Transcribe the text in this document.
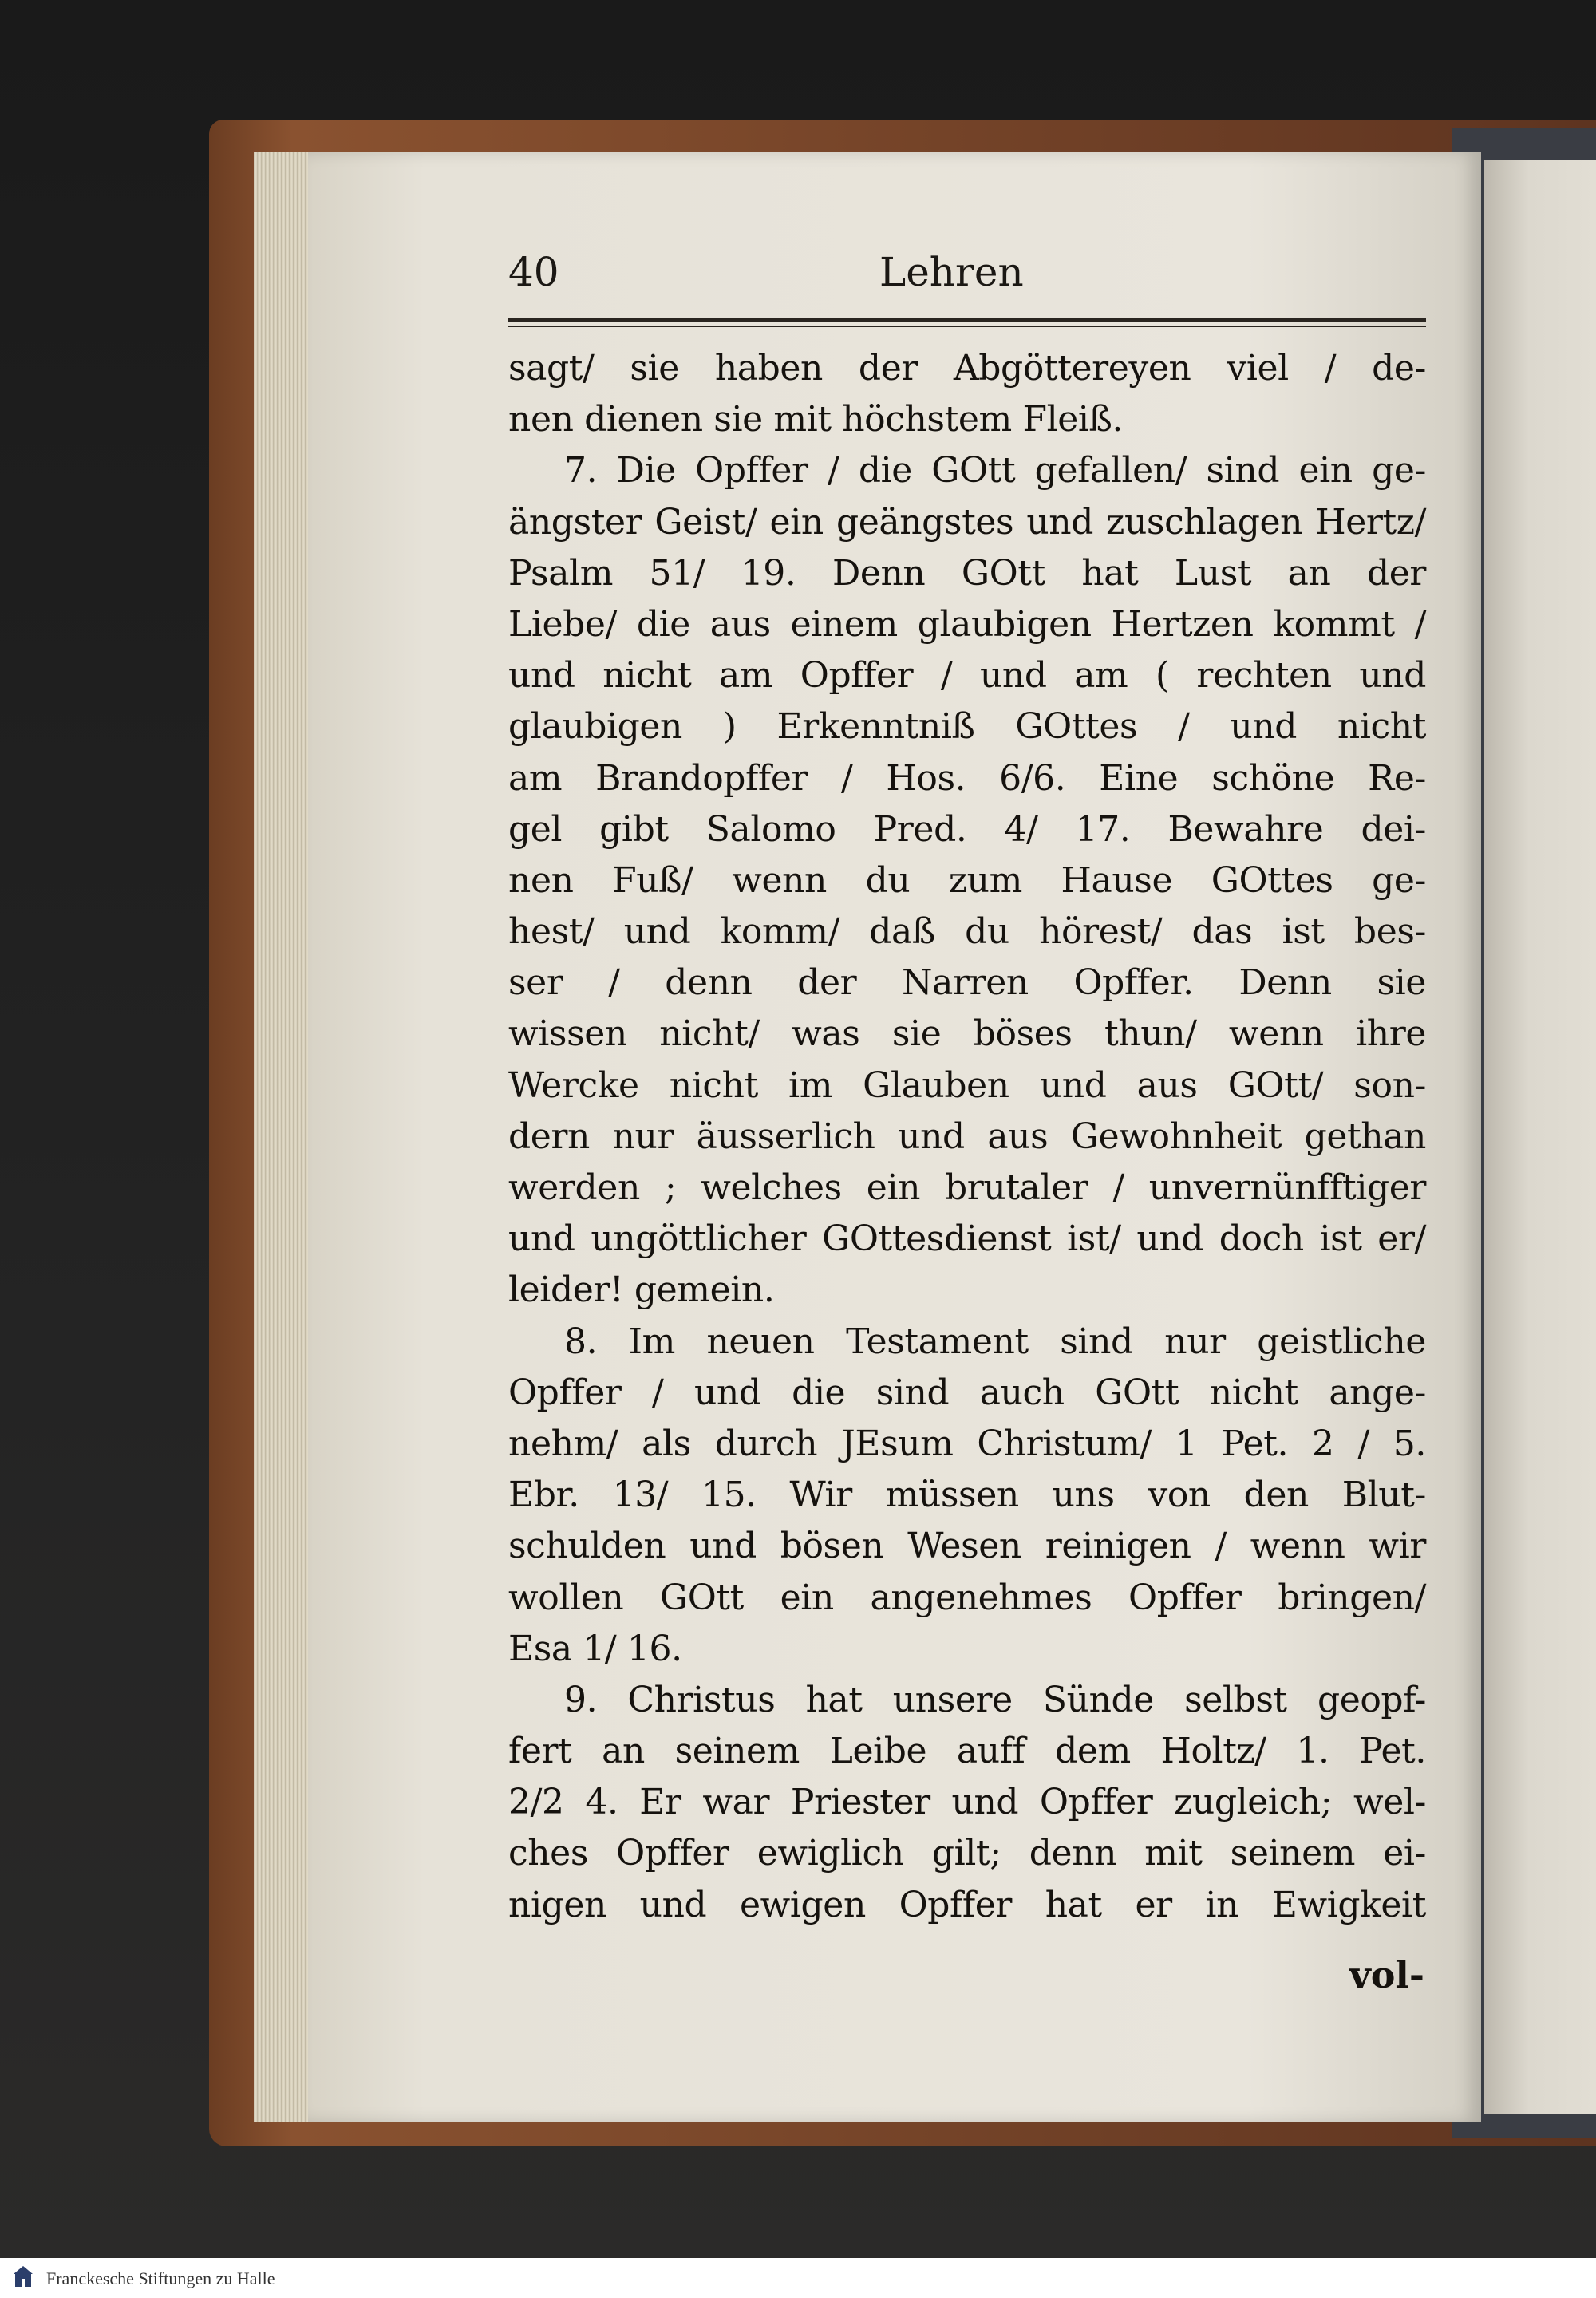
40	Lehren
sagt/ sie haben der Abgöttereyen viel / de-
nen dienen sie mit höchstem Fleiß.
7. Die Opffer / die GOtt gefallen/ sind ein ge-
ängster Geist/ ein geängstes und zuschlagen Hertz/
Psalm 51/ 19. Denn GOtt hat Lust an der
Liebe/ die aus einem glaubigen Hertzen kommt /
und nicht am Opffer / und am ( rechten und
glaubigen ) Erkenntniß GOttes / und nicht
am Brandopffer / Hos. 6/6. Eine schöne Re-
gel gibt Salomo Pred. 4/ 17. Bewahre dei-
nen Fuß/ wenn du zum Hause GOttes ge-
hest/ und komm/ daß du hörest/ das ist bes-
ser / denn der Narren Opffer. Denn sie
wissen nicht/ was sie böses thun/ wenn ihre
Wercke nicht im Glauben und aus GOtt/ son-
dern nur äusserlich und aus Gewohnheit gethan
werden ; welches ein brutaler / unvernünfftiger
und ungöttlicher GOttesdienst ist/ und doch ist er/
leider! gemein.
8. Im neuen Testament sind nur geistliche
Opffer / und die sind auch GOtt nicht ange-
nehm/ als durch JEsum Christum/ 1 Pet. 2 / 5.
Ebr. 13/ 15. Wir müssen uns von den Blut-
schulden und bösen Wesen reinigen / wenn wir
wollen GOtt ein angenehmes Opffer bringen/
Esa 1/ 16.
9. Christus hat unsere Sünde selbst geopf-
fert an seinem Leibe auff dem Holtz/ 1. Pet.
2/2 4. Er war Priester und Opffer zugleich; wel-
ches Opffer ewiglich gilt; denn mit seinem ei-
nigen und ewigen Opffer hat er in Ewigkeit
vol-
Franckesche Stiftungen zu Halle
